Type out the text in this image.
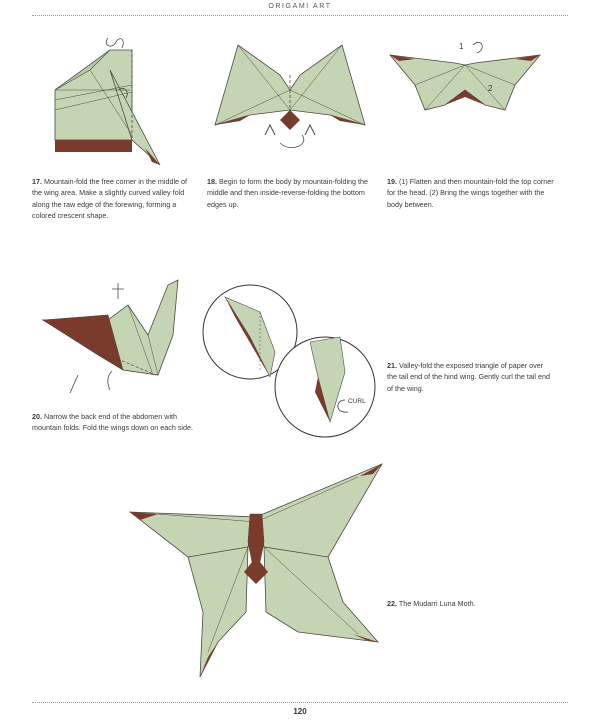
ORIGAMI ART
1
2
17. Mountain-fold the free corner in the middle of the wing area. Make a slightly curved valley fold along the raw edge of the forewing, forming a colored crescent shape.
18. Begin to form the body by mountain-folding the middle and then inside-reverse-folding the bottom edges up.
19. (1) Flatten and then mountain-fold the top corner for the head. (2) Bring the wings together with the body between.
CURL
20. Narrow the back end of the abdomen with mountain folds. Fold the wings down on each side.
21. Valley-fold the exposed triangle of paper over the tail end of the hind wing. Gently curl the tail end of the wing.
22. The Mudarri Luna Moth.
120
